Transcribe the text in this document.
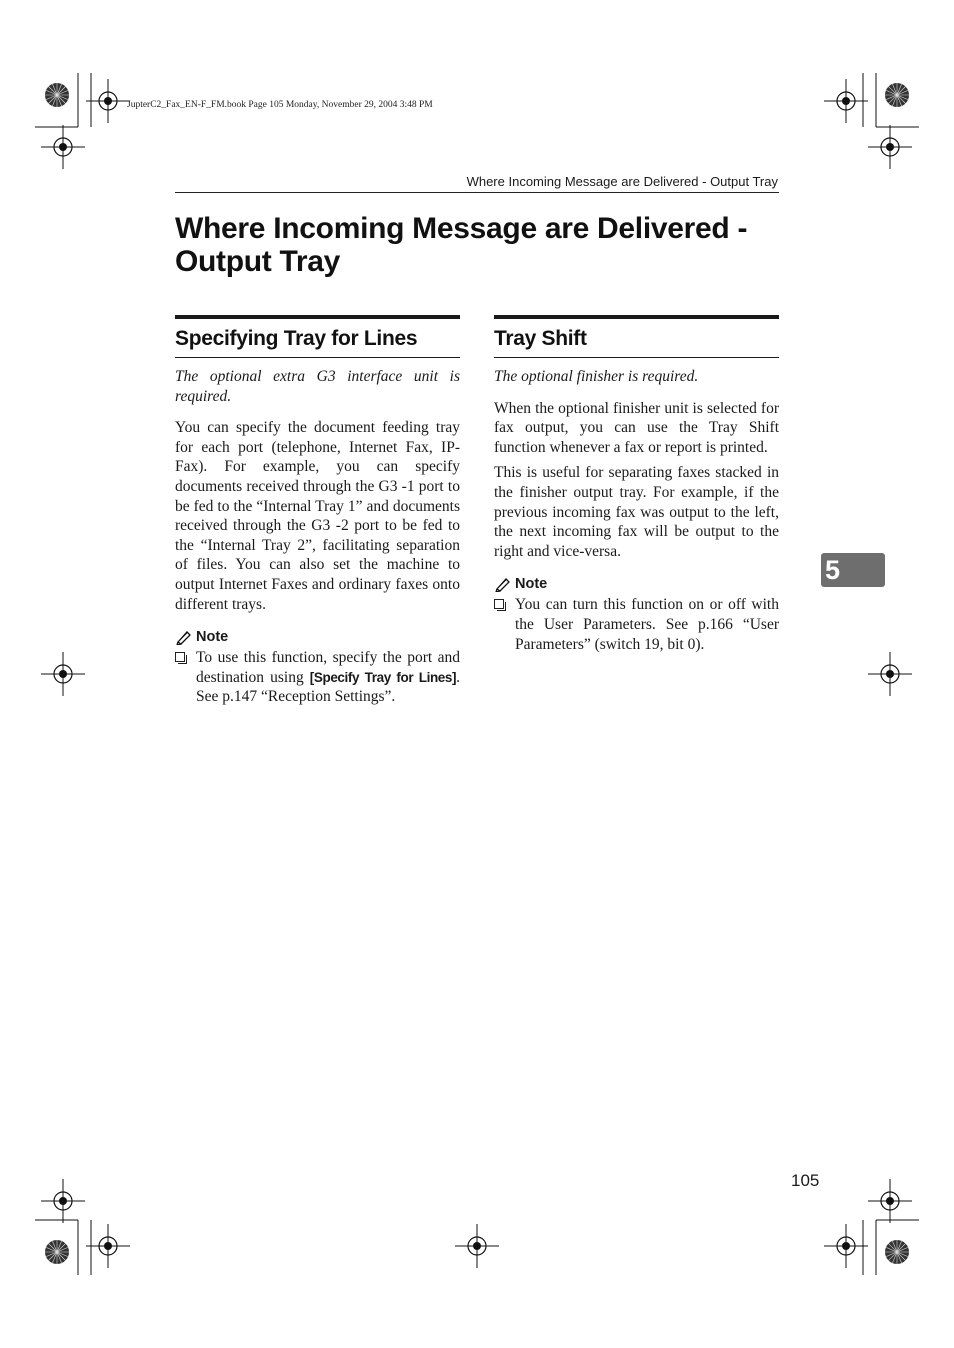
JupterC2_Fax_EN-F_FM.book Page 105 Monday, November 29, 2004 3:48 PM
Where Incoming Message are Delivered - Output Tray
Where Incoming Message are Delivered -
Output Tray
Specifying Tray for Lines

The optional extra G3 interface unit is required.

You can specify the document feeding tray for each port (telephone, Internet Fax, IP-Fax). For example, you can specify documents received through the G3 -1 port to be fed to the “Internal Tray 1” and documents received through the G3 -2 port to be fed to the “Internal Tray 2”, facilitating separation of files. You can also set the machine to output Internet Faxes and ordinary faxes onto different trays.

Note

To use this function, specify the port and destination using [Specify Tray for Lines]. See p.147 “Reception Settings”.

Tray Shift

The optional finisher is required.

When the optional finisher unit is selected for fax output, you can use the Tray Shift function whenever a fax or report is printed.

This is useful for separating faxes stacked in the finisher output tray. For example, if the previous incoming fax was output to the left, the next incoming fax will be output to the right and vice-versa.

Note

You can turn this function on or off with the User Parameters. See p.166 “User Parameters” (switch 19, bit 0).

5
105
